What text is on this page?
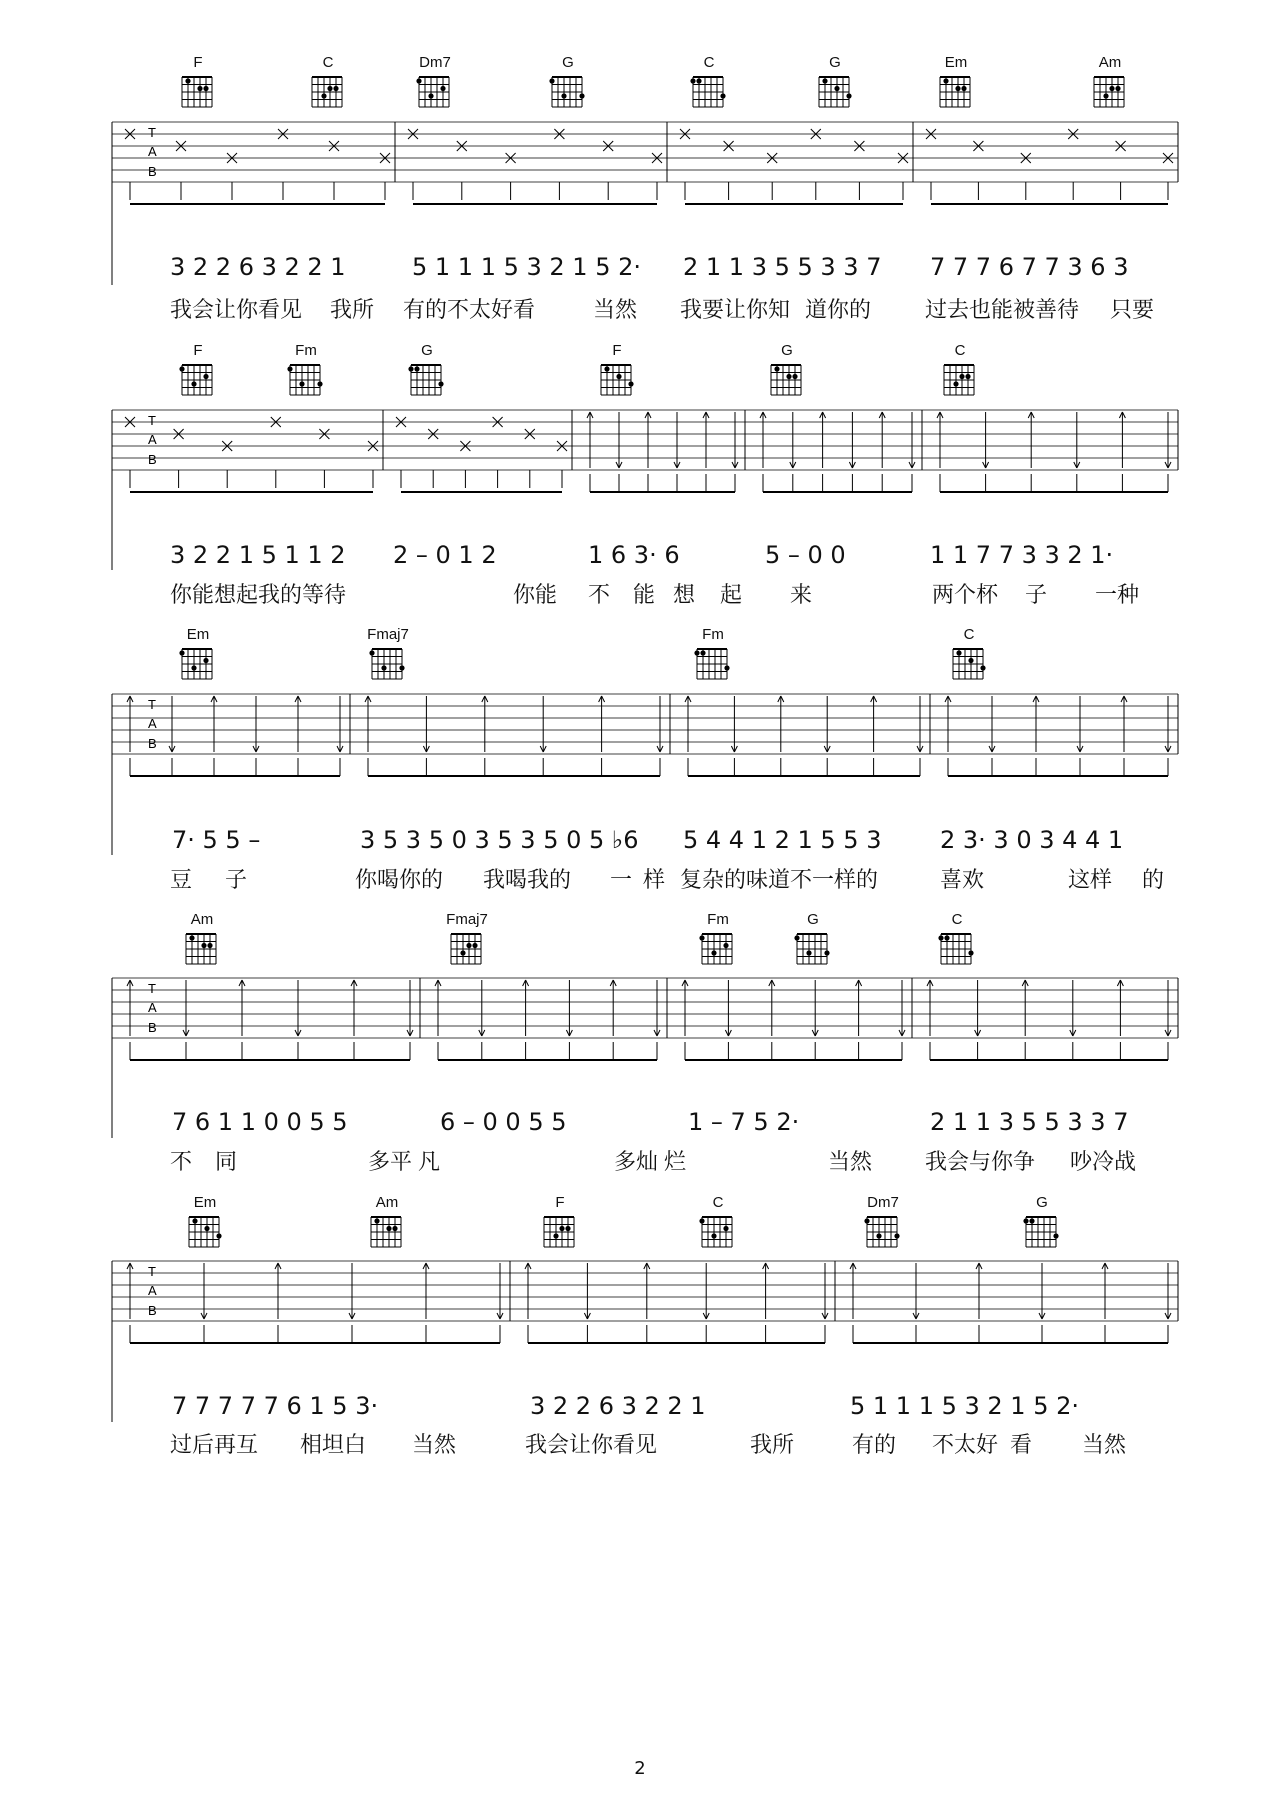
F	C	Dm7	G	C	G	Em	Am
T
A
B
3 2 2 6 3 2 2 1	5 1 1 1 5 3 2 1 5 2· 2 1 1 3 5 5 3 3 7 7 7 7 6 7 7 3 6 3
我会让你看见 我所 有的不太好看	当然 我要让你知 道你的 过去也能被善待 只要
F	Fm	G	F	G	C
T
A
B
3 2 2 1 5 1 1 2 2 – 0 1 2	1 6 3· 6	5 – 0 0	1 1 7 7 3 3 2 1·
你能想起我的等待	你能 不 能 想 起 来	两个杯 子 一种
Em	Fmaj7	Fm	C
T
A
B
7· 5 5 –	3 5 3 5 0 3 5 3 5 0 5 ♭6 5 4 4 1 2 1 5 5 3 2 3· 3 0 3 4 4 1
豆 子	你喝你的 我喝我的 一 样 复杂的味道不一样的	喜欢	这样 的
Am	Fmaj7	Fm	G	C
T
A
B
7 6 1 1 0 0 5 5	6 – 0 0 5 5	1 – 7 5 2·	2 1 1 3 5 5 3 3 7
不 同	多平 凡	多灿 烂	当然 我会与你争 吵冷战
Em	Am	F	C	Dm7	G
T
A
B
7 7 7 7 7 6 1 5 3·	3 2 2 6 3 2 2 1	5 1 1 1 5 3 2 1 5 2·
过后再互 相坦白 当然	我会让你看见	我所	有的 不太好 看 当然
2
